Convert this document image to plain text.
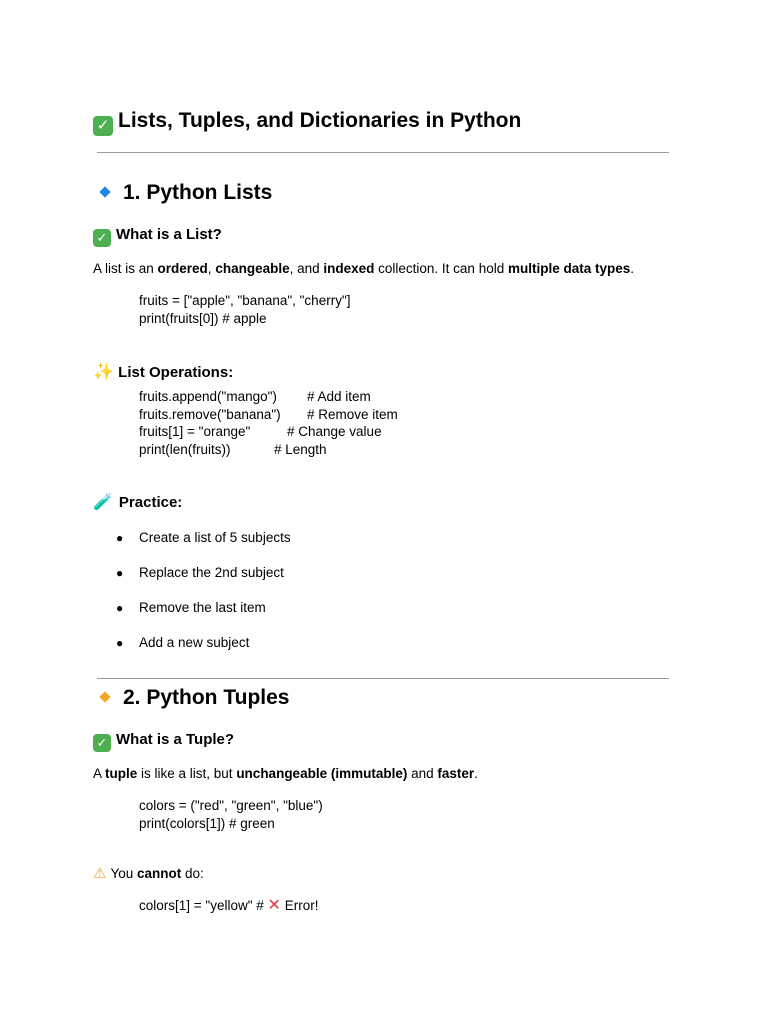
✓ Lists, Tuples, and Dictionaries in Python
1. Python Lists
✓ What is a List?
A list is an ordered, changeable, and indexed collection. It can hold multiple data types.
fruits = ["apple", "banana", "cherry"]
print(fruits[0]) # apple
✨ List Operations:
fruits.append("mango") # Add item
fruits.remove("banana") # Remove item
fruits[1] = "orange"	# Change value
print(len(fruits))	# Length
🧪 Practice:
● Create a list of 5 subjects
● Replace the 2nd subject
● Remove the last item
● Add a new subject
2. Python Tuples
✓ What is a Tuple?
A tuple is like a list, but unchangeable (immutable) and faster.
colors = ("red", "green", "blue")
print(colors[1]) # green
⚠ You cannot do:
colors[1] = "yellow" # ✕ Error!
